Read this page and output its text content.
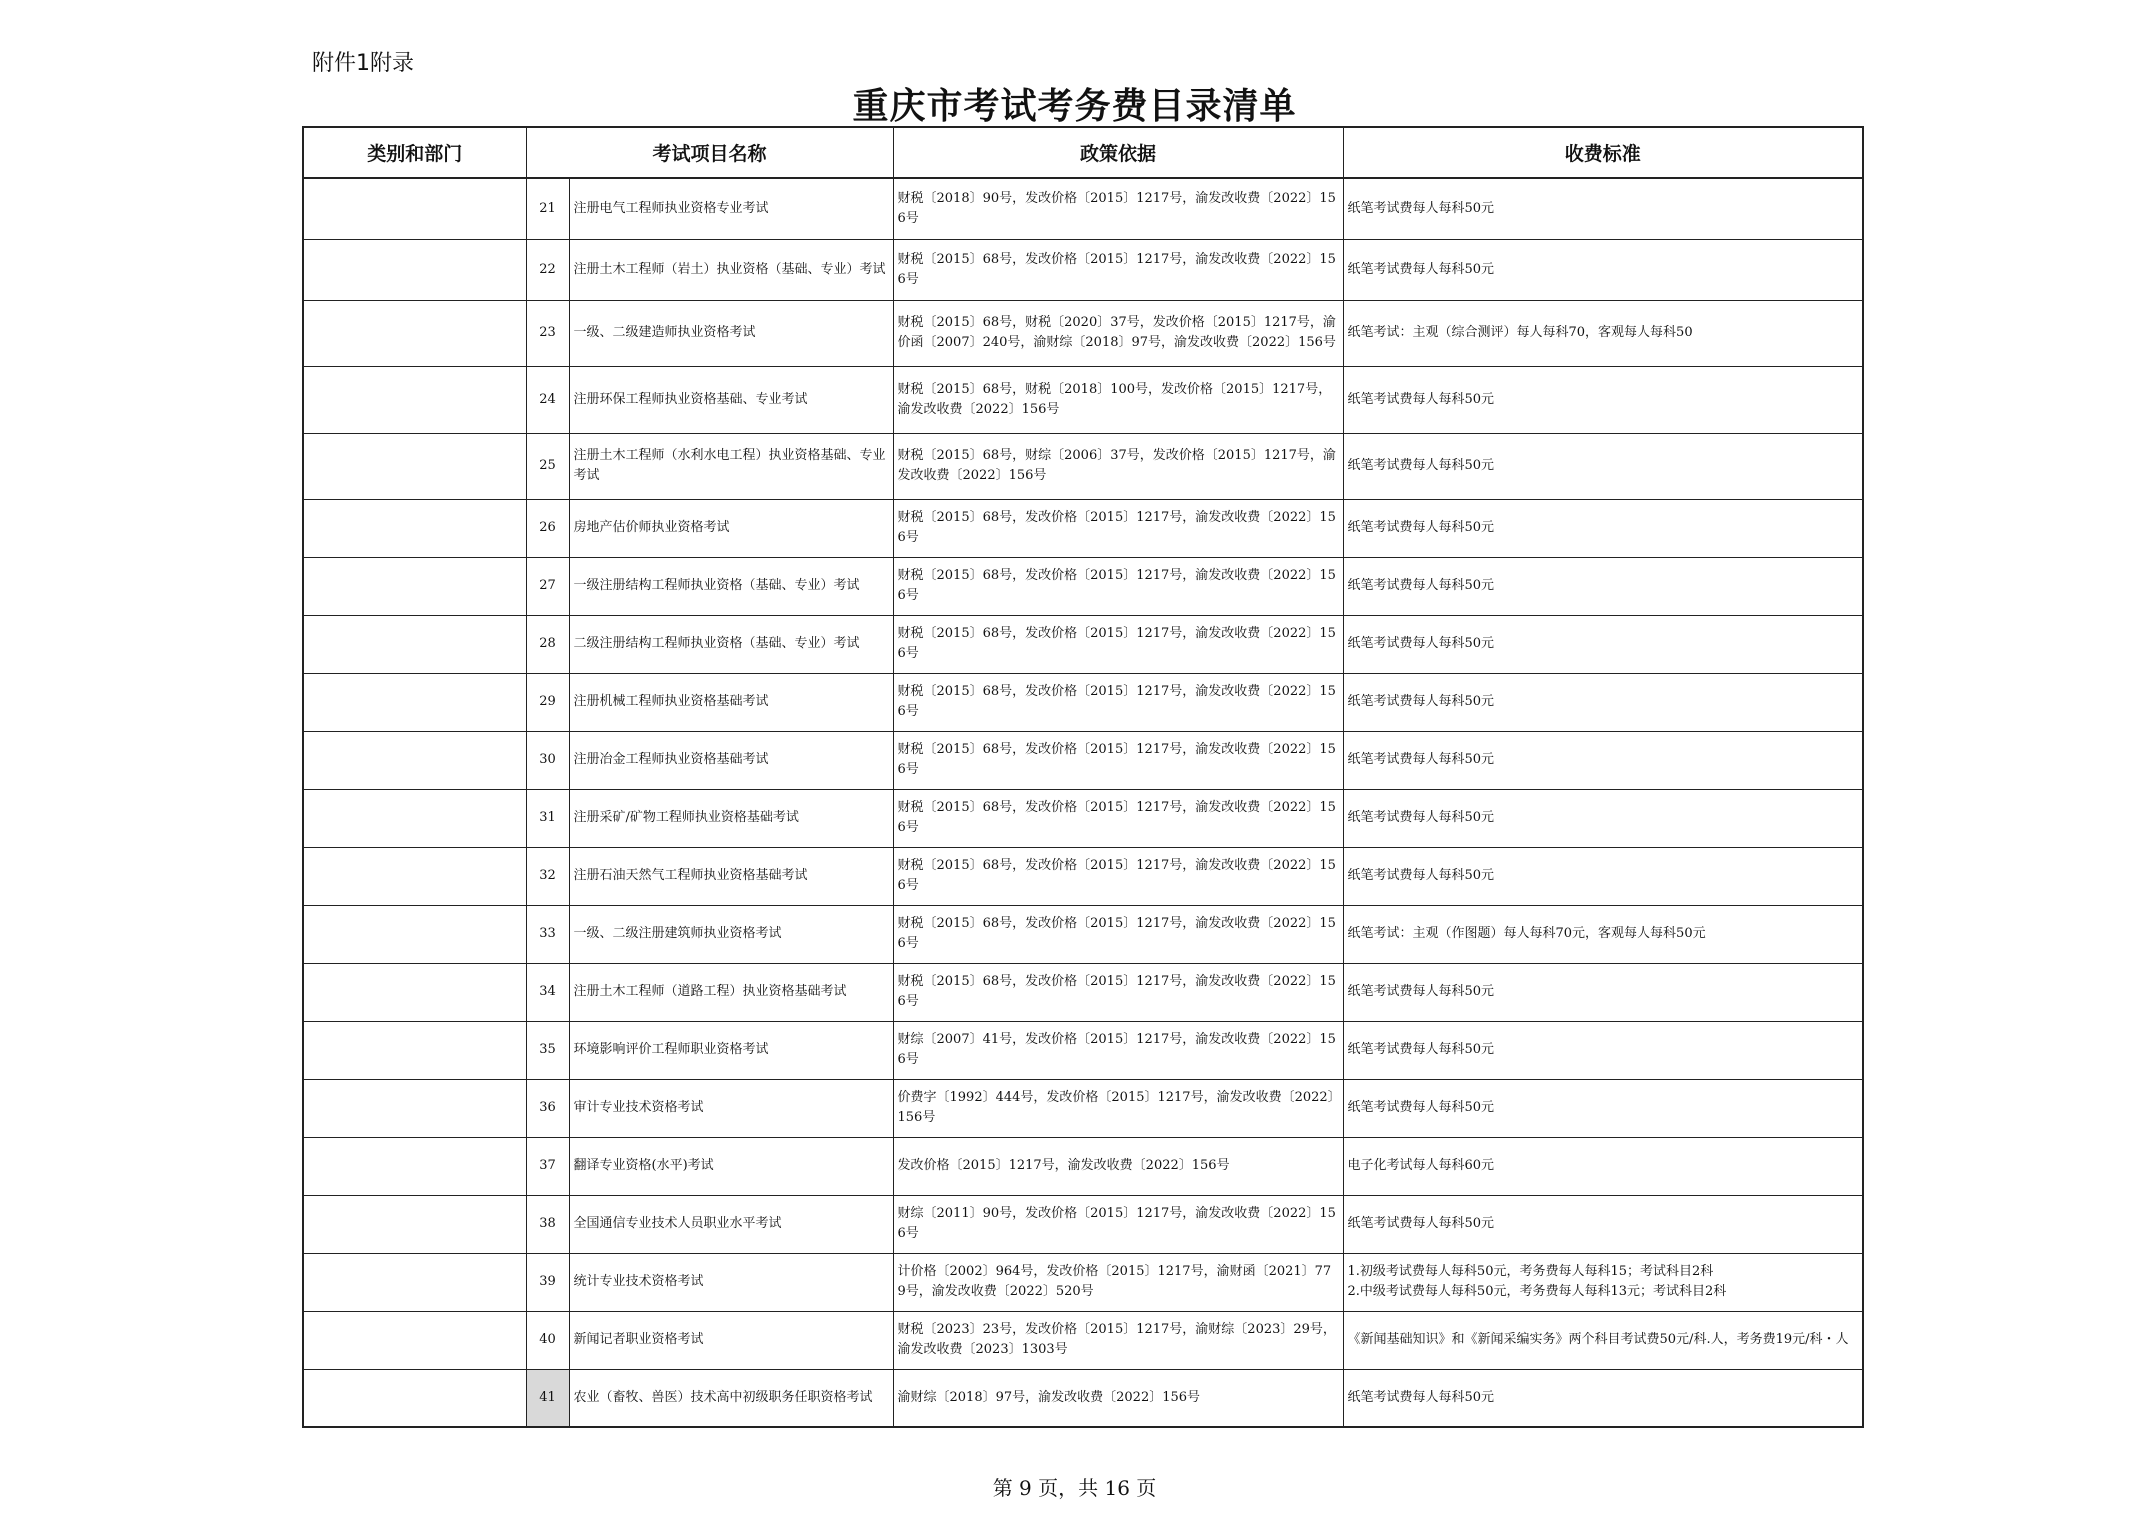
附件1附录
重庆市考试考务费目录清单
类别和部门	考试项目名称		政策依据	收费标准
	21	注册电气工程师执业资格专业考试	财税〔2018〕90号，发改价格〔2015〕1217号，渝发改收费〔2022〕156号	纸笔考试费每人每科50元
	22	注册土木工程师（岩土）执业资格（基础、专业）考试	财税〔2015〕68号，发改价格〔2015〕1217号，渝发改收费〔2022〕156号	纸笔考试费每人每科50元
	23	一级、二级建造师执业资格考试	财税〔2015〕68号，财税〔2020〕37号，发改价格〔2015〕1217号，渝价函〔2007〕240号，渝财综〔2018〕97号，渝发改收费〔2022〕156号	纸笔考试：主观（综合测评）每人每科70，客观每人每科50
	24	注册环保工程师执业资格基础、专业考试	财税〔2015〕68号，财税〔2018〕100号，发改价格〔2015〕1217号，渝发改收费〔2022〕156号	纸笔考试费每人每科50元
	25	注册土木工程师（水利水电工程）执业资格基础、专业考试	财税〔2015〕68号，财综〔2006〕37号，发改价格〔2015〕1217号，渝发改收费〔2022〕156号	纸笔考试费每人每科50元
	26	房地产估价师执业资格考试	财税〔2015〕68号，发改价格〔2015〕1217号，渝发改收费〔2022〕156号	纸笔考试费每人每科50元
	27	一级注册结构工程师执业资格（基础、专业）考试	财税〔2015〕68号，发改价格〔2015〕1217号，渝发改收费〔2022〕156号	纸笔考试费每人每科50元
	28	二级注册结构工程师执业资格（基础、专业）考试	财税〔2015〕68号，发改价格〔2015〕1217号，渝发改收费〔2022〕156号	纸笔考试费每人每科50元
	29	注册机械工程师执业资格基础考试	财税〔2015〕68号，发改价格〔2015〕1217号，渝发改收费〔2022〕156号	纸笔考试费每人每科50元
	30	注册冶金工程师执业资格基础考试	财税〔2015〕68号，发改价格〔2015〕1217号，渝发改收费〔2022〕156号	纸笔考试费每人每科50元
	31	注册采矿/矿物工程师执业资格基础考试	财税〔2015〕68号，发改价格〔2015〕1217号，渝发改收费〔2022〕156号	纸笔考试费每人每科50元
	32	注册石油天然气工程师执业资格基础考试	财税〔2015〕68号，发改价格〔2015〕1217号，渝发改收费〔2022〕156号	纸笔考试费每人每科50元
	33	一级、二级注册建筑师执业资格考试	财税〔2015〕68号，发改价格〔2015〕1217号，渝发改收费〔2022〕156号	纸笔考试：主观（作图题）每人每科70元，客观每人每科50元
	34	注册土木工程师（道路工程）执业资格基础考试	财税〔2015〕68号，发改价格〔2015〕1217号，渝发改收费〔2022〕156号	纸笔考试费每人每科50元
	35	环境影响评价工程师职业资格考试	财综〔2007〕41号，发改价格〔2015〕1217号，渝发改收费〔2022〕156号	纸笔考试费每人每科50元
	36	审计专业技术资格考试	价费字〔1992〕444号，发改价格〔2015〕1217号，渝发改收费〔2022〕156号	纸笔考试费每人每科50元
	37	翻译专业资格(水平)考试	发改价格〔2015〕1217号，渝发改收费〔2022〕156号	电子化考试每人每科60元
	38	全国通信专业技术人员职业水平考试	财综〔2011〕90号，发改价格〔2015〕1217号，渝发改收费〔2022〕156号	纸笔考试费每人每科50元
	39	统计专业技术资格考试	计价格〔2002〕964号，发改价格〔2015〕1217号，渝财函〔2021〕779号，渝发改收费〔2022〕520号	1.初级考试费每人每科50元，考务费每人每科15；考试科目2科
2.中级考试费每人每科50元，考务费每人每科13元；考试科目2科

	40	新闻记者职业资格考试	财税〔2023〕23号，发改价格〔2015〕1217号，渝财综〔2023〕29号，渝发改收费〔2023〕1303号	《新闻基础知识》和《新闻采编实务》两个科目考试费50元/科.人，考务费19元/科・人
	41	农业（畜牧、兽医）技术高中初级职务任职资格考试	渝财综〔2018〕97号，渝发改收费〔2022〕156号	纸笔考试费每人每科50元
第 9 页，共 16 页
